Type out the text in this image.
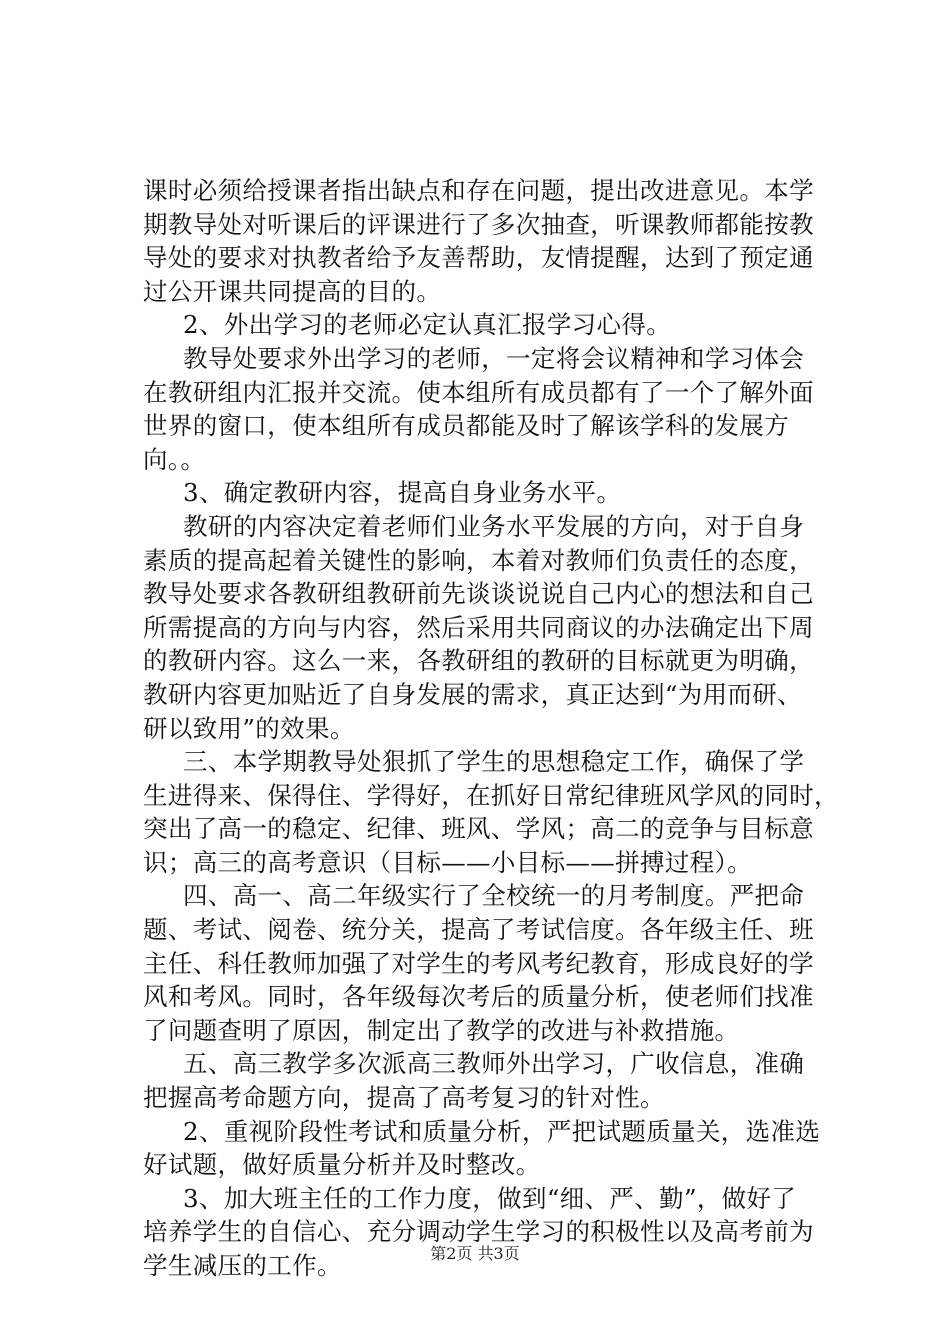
课时必须给授课者指出缺点和存在问题，提出改进意见。本学
期教导处对听课后的评课进行了多次抽查，听课教师都能按教
导处的要求对执教者给予友善帮助，友情提醒，达到了预定通
过公开课共同提高的目的。
2、外出学习的老师必定认真汇报学习心得。
教导处要求外出学习的老师，一定将会议精神和学习体会
在教研组内汇报并交流。使本组所有成员都有了一个了解外面
世界的窗口，使本组所有成员都能及时了解该学科的发展方
向。。
3、确定教研内容，提高自身业务水平。
教研的内容决定着老师们业务水平发展的方向，对于自身
素质的提高起着关键性的影响，本着对教师们负责任的态度，
教导处要求各教研组教研前先谈谈说说自己内心的想法和自己
所需提高的方向与内容，然后采用共同商议的办法确定出下周
的教研内容。这么一来，各教研组的教研的目标就更为明确，
教研内容更加贴近了自身发展的需求，真正达到“为用而研、
研以致用”的效果。
三、本学期教导处狠抓了学生的思想稳定工作，确保了学
生进得来、保得住、学得好，在抓好日常纪律班风学风的同时，
突出了高一的稳定、纪律、班风、学风；高二的竞争与目标意
识；高三的高考意识（目标——小目标——拼搏过程）。
四、高一、高二年级实行了全校统一的月考制度。严把命
题、考试、阅卷、统分关，提高了考试信度。各年级主任、班
主任、科任教师加强了对学生的考风考纪教育，形成良好的学
风和考风。同时，各年级每次考后的质量分析，使老师们找准
了问题查明了原因，制定出了教学的改进与补救措施。
五、高三教学多次派高三教师外出学习，广收信息，准确
把握高考命题方向，提高了高考复习的针对性。
2、重视阶段性考试和质量分析，严把试题质量关，选准选
好试题，做好质量分析并及时整改。
3、加大班主任的工作力度，做到“细、严、勤”，做好了
培养学生的自信心、充分调动学生学习的积极性以及高考前为
学生减压的工作。	第2页 共3页
